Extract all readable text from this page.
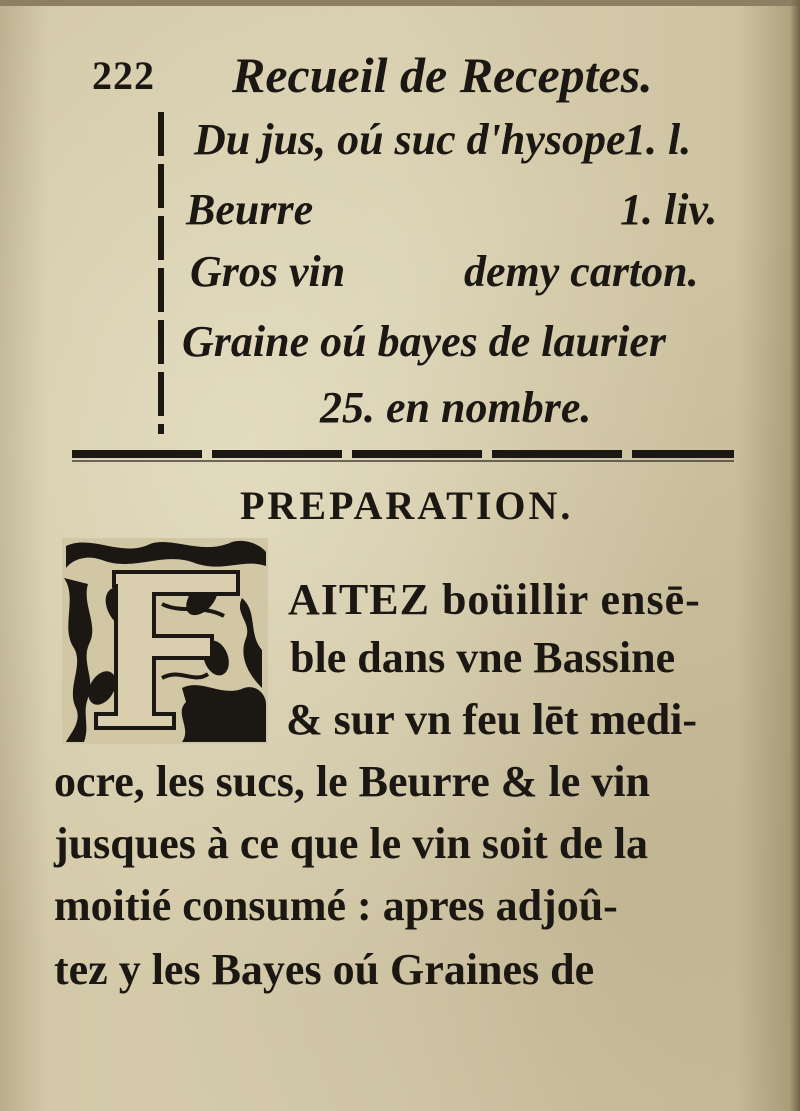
222 Recueil de Receptes.
Du jus, oú suc d'hysope
1. l.
Beurre	1. liv.
Gros vin	demy carton.
Graine oú bayes de laurier
25. en nombre.
PREPARATION.
AITEZ boüillir ensē-
ble dans vne Bassine
& sur vn feu lēt medi-
ocre, les sucs, le Beurre & le vin
jusques à ce que le vin soit de la
moitié consumé : apres adjoû-
tez y les Bayes oú Graines de
